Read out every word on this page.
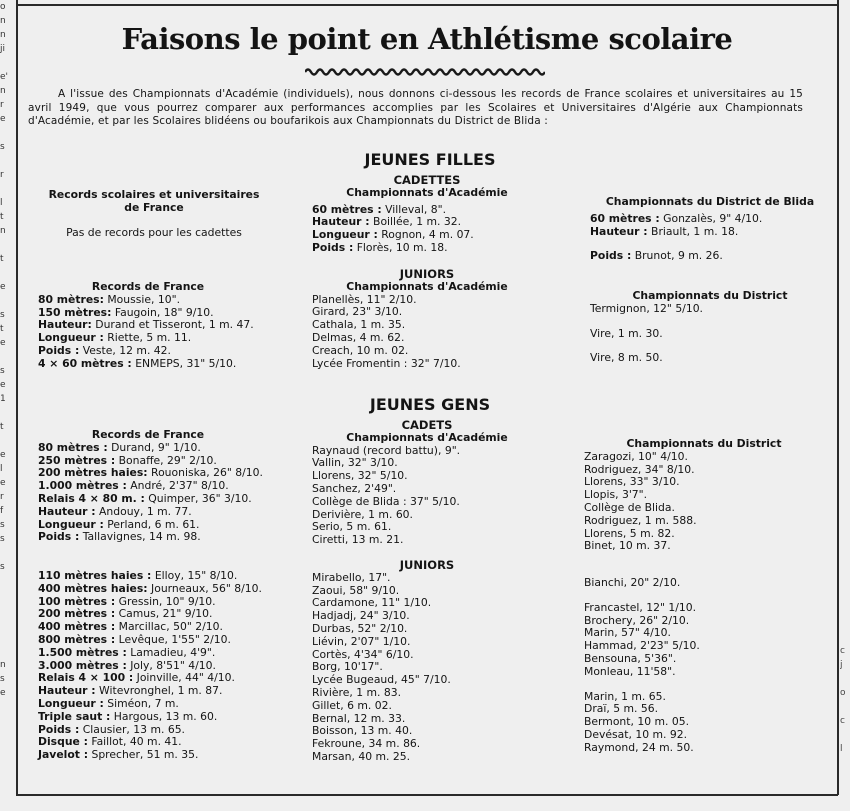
o
n
n
ji
e'
n
r
e
s
r
l
t
n
t
e
s
t
e
s
e
1
t
e
l
e
r
f
s
s
s
n
s
e
c
j
o
c
l
Faisons le point en Athlétisme scolaire

A l'issue des Championnats d'Académie (individuels), nous donnons ci-dessous les records de France scolaires et universitaires au 15 avril 1949, que vous pourrez comparer aux performances accomplies par les Scolaires et Universitaires d'Algérie aux Championnats d'Académie, et par les Scolaires blidéens ou boufarikois aux Championnats du District de Blida :

JEUNES FILLES
Records scolaires et universitaires
de France
Pas de records pour les cadettes
CADETTES
Championnats d'Académie
60 mètres : Villeval, 8".
Hauteur : Boillée, 1 m. 32.
Longueur : Rognon, 4 m. 07.
Poids : Florès, 10 m. 18.
Championnats du District de Blida
60 mètres : Gonzalès, 9" 4/10.
Hauteur : Briault, 1 m. 18.
Poids : Brunot, 9 m. 26.
Records de France
80 mètres: Moussie, 10".
150 mètres: Faugoin, 18" 9/10.
Hauteur: Durand et Tisseront, 1 m. 47.
Longueur : Riette, 5 m. 11.
Poids : Veste, 12 m. 42.
4 × 60 mètres : ENMEPS, 31" 5/10.
JUNIORS
Championnats d'Académie
Planellès, 11" 2/10.
Girard, 23" 3/10.
Cathala, 1 m. 35.
Delmas, 4 m. 62.
Creach, 10 m. 02.
Lycée Fromentin : 32" 7/10.
Championnats du District
Termignon, 12" 5/10.
Vire, 1 m. 30.
Vire, 8 m. 50.
JEUNES GENS
Records de France
80 mètres : Durand, 9" 1/10.
250 mètres : Bonaffe, 29" 2/10.
200 mètres haies: Rouoniska, 26" 8/10.
1.000 mètres : André, 2'37" 8/10.
Relais 4 × 80 m. : Quimper, 36" 3/10.
Hauteur : Andouy, 1 m. 77.
Longueur : Perland, 6 m. 61.
Poids : Tallavignes, 14 m. 98.
CADETS
Championnats d'Académie
Raynaud (record battu), 9".
Vallin, 32" 3/10.
Llorens, 32" 5/10.
Sanchez, 2'49".
Collège de Blida : 37" 5/10.
Derivière, 1 m. 60.
Serio, 5 m. 61.
Ciretti, 13 m. 21.
Championnats du District
Zaragozi, 10" 4/10.
Rodriguez, 34" 8/10.
Llorens, 33" 3/10.
Llopis, 3'7".
Collège de Blida.
Rodriguez, 1 m. 588.
Llorens, 5 m. 82.
Binet, 10 m. 37.
110 mètres haies : Elloy, 15" 8/10.
400 mètres haies: Journeaux, 56" 8/10.
100 mètres : Gressin, 10" 9/10.
200 mètres : Camus, 21" 9/10.
400 mètres : Marcillac, 50" 2/10.
800 mètres : Levêque, 1'55" 2/10.
1.500 mètres : Lamadieu, 4'9".
3.000 mètres : Joly, 8'51" 4/10.
Relais 4 × 100 : Joinville, 44" 4/10.
Hauteur : Witevronghel, 1 m. 87.
Longueur : Siméon, 7 m.
Triple saut : Hargous, 13 m. 60.
Poids : Clausier, 13 m. 65.
Disque : Faillot, 40 m. 41.
Javelot : Sprecher, 51 m. 35.
JUNIORS
Mirabello, 17".
Zaoui, 58" 9/10.
Cardamone, 11" 1/10.
Hadjadj, 24" 3/10.
Durbas, 52" 2/10.
Liévin, 2'07" 1/10.
Cortès, 4'34" 6/10.
Borg, 10'17".
Lycée Bugeaud, 45" 7/10.
Rivière, 1 m. 83.
Gillet, 6 m. 02.
Bernal, 12 m. 33.
Boisson, 13 m. 40.
Fekroune, 34 m. 86.
Marsan, 40 m. 25.
Bianchi, 20" 2/10.
Francastel, 12" 1/10.
Brochery, 26" 2/10.
Marin, 57" 4/10.
Hammad, 2'23" 5/10.
Bensouna, 5'36".
Monleau, 11'58".
Marin, 1 m. 65.
Draï, 5 m. 56.
Bermont, 10 m. 05.
Devésat, 10 m. 92.
Raymond, 24 m. 50.
